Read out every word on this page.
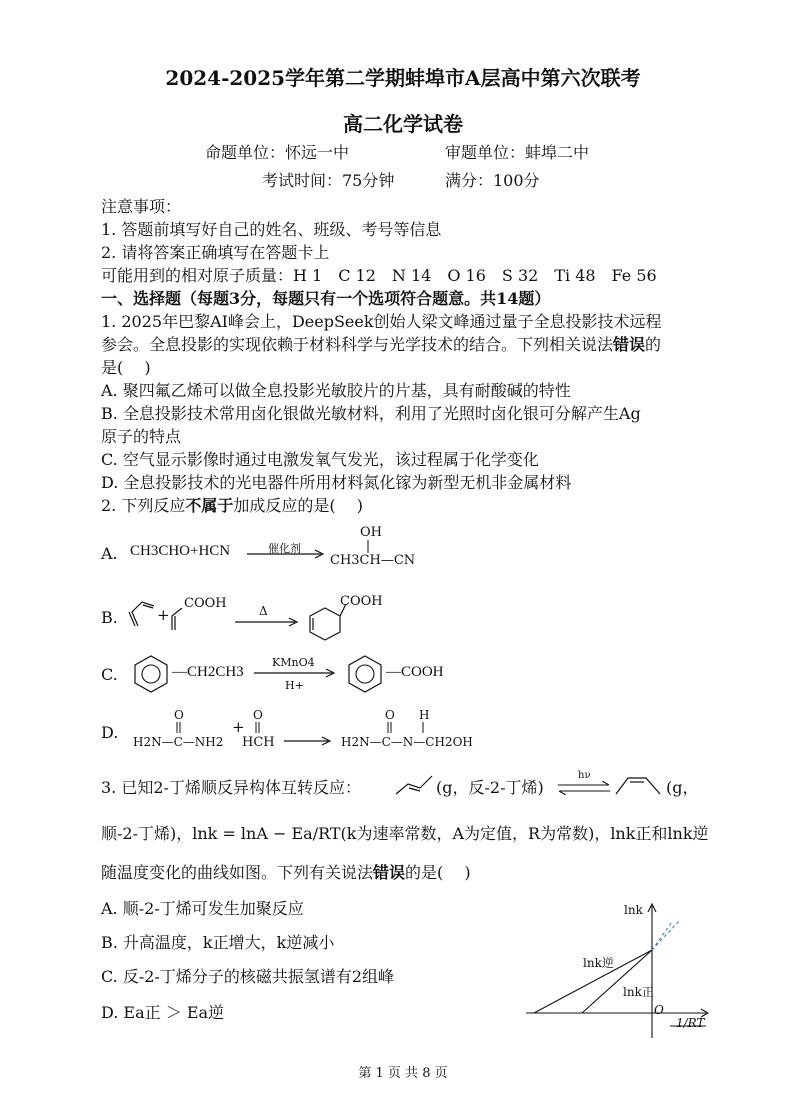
2024-2025学年第二学期蚌埠市A层高中第六次联考
高二化学试卷
命题单位：怀远一中	审题单位：蚌埠二中
考试时间：75分钟	满分：100分
注意事项：
1. 答题前填写好自己的姓名、班级、考号等信息
2. 请将答案正确填写在答题卡上
可能用到的相对原子质量：H 1　C 12　N 14　O 16　S 32　Ti 48　Fe 56
一、选择题（每题3分，每题只有一个选项符合题意。共14题）
1. 2025年巴黎AI峰会上，DeepSeek创始人梁文峰通过量子全息投影技术远程
参会。全息投影的实现依赖于材料科学与光学技术的结合。下列相关说法错误的
是(　 )
A. 聚四氟乙烯可以做全息投影光敏胶片的片基，具有耐酸碱的特性
B. 全息投影技术常用卤化银做光敏材料，利用了光照时卤化银可分解产生Ag
原子的特点
C. 空气显示影像时通过电激发氧气发光，该过程属于化学变化
D. 全息投影技术的光电器件所用材料氮化镓为新型无机非金属材料
2. 下列反应不属于加成反应的是(　 )
A. CH3CHO+HCN	催化剂
OH
CH3CH—CN
B.	+
COOH	Δ
COOH
C.	—CH2CH3
KMnO4
H+
—COOH
D.
O
H2N—C—NH2
+
O
HCH →
O H
H2N—C—N—CH2OH
3. 已知2-丁烯顺反异构体互转反应：	(g，反-2-丁烯)
hν
(g，
顺-2-丁烯)，lnk = lnA − Ea/RT(k为速率常数，A为定值，R为常数)，lnk正和lnk逆
随温度变化的曲线如图。下列有关说法错误的是(　 )
A. 顺-2-丁烯可发生加聚反应
B. 升高温度，k正增大，k逆减小
C. 反-2-丁烯分子的核磁共振氢谱有2组峰
D. Ea正 ＞ Ea逆
lnk
lnk逆
lnk正
O
1/RT
第 1 页 共 8 页
